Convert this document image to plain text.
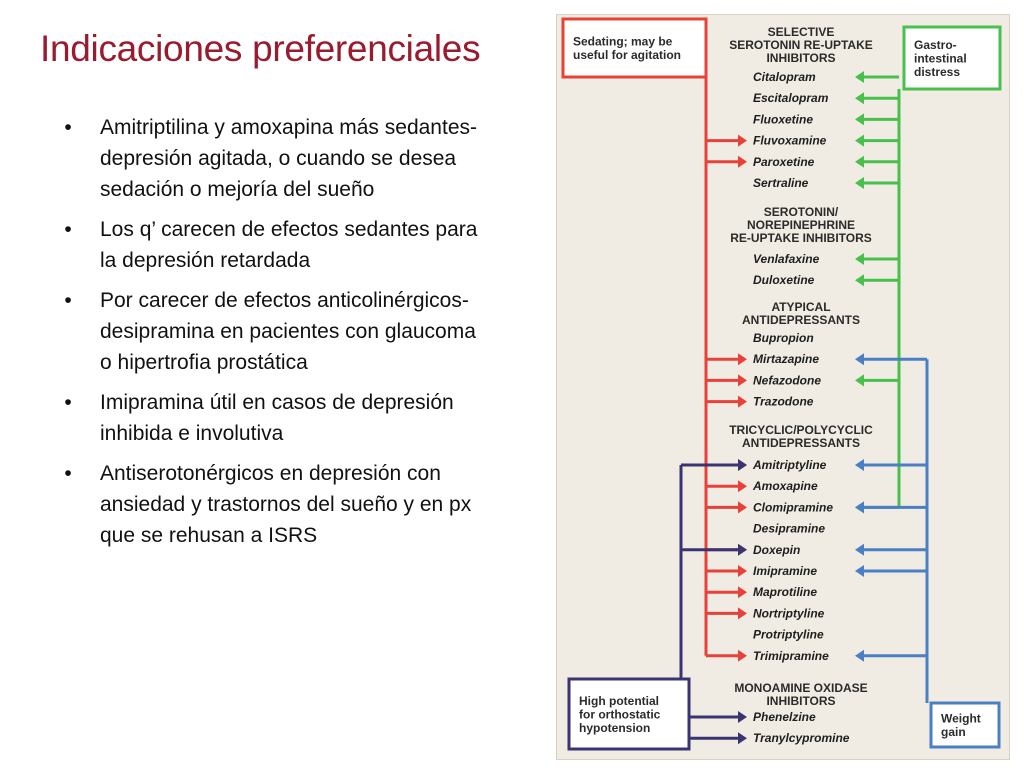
Indicaciones preferenciales
•	Amitriptilina y amoxapina más sedantes-depresión agitada, o cuando se desea sedación o mejoría del sueño
•	Los q’ carecen de efectos sedantes para la depresión retardada
•	Por carecer de efectos anticolinérgicos-desipramina en pacientes con glaucoma o hipertrofia prostática
•	Imipramina útil en casos de depresión inhibida e involutiva
•	Antiserotonérgicos en depresión con ansiedad y trastornos del sueño y en px que se rehusan a ISRS
SELECTIVE
SEROTONIN RE-UPTAKE
INHIBITORS
Citalopram
Escitalopram
Fluoxetine
Fluvoxamine
Paroxetine
Sertraline
SEROTONIN/
NOREPINEPHRINE
RE-UPTAKE INHIBITORS
Venlafaxine
Duloxetine
ATYPICAL
ANTIDEPRESSANTS
Bupropion
Mirtazapine
Nefazodone
Trazodone
TRICYCLIC/POLYCYCLIC
ANTIDEPRESSANTS
Amitriptyline
Amoxapine
Clomipramine
Desipramine
Doxepin
Imipramine
Maprotiline
Nortriptyline
Protriptyline
Trimipramine
MONOAMINE OXIDASE
INHIBITORS
Phenelzine
Tranylcypromine
Sedating; may be
useful for agitation
Gastro-
intestinal
distress
High potential
for orthostatic
hypotension
Weight
gain
